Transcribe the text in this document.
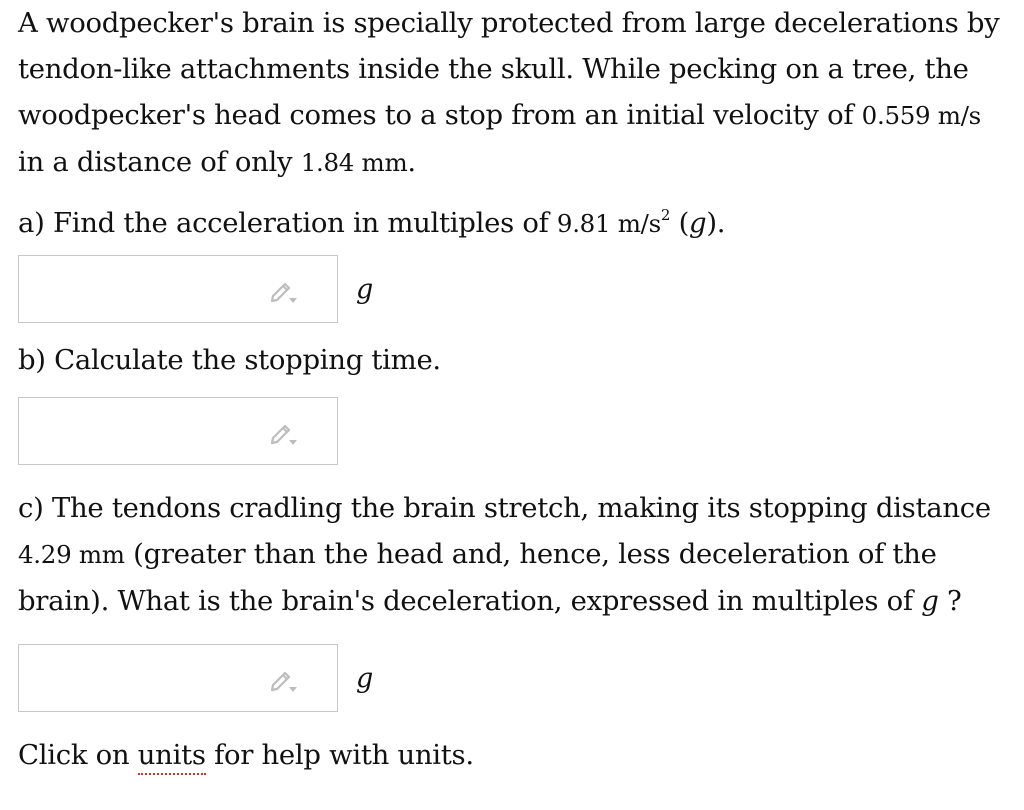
A woodpecker's brain is specially protected from large decelerations by tendon-like attachments inside the skull. While pecking on a tree, the woodpecker's head comes to a stop from an initial velocity of 0.559 m/s in a distance of only 1.84 mm.

a) Find the acceleration in multiples of 9.81 $m/s^2$ (g).

g

b) Calculate the stopping time.

c) The tendons cradling the brain stretch, making its stopping distance 4.29 mm (greater than the head and, hence, less deceleration of the brain). What is the brain's deceleration, expressed in multiples of g ?

g

Click on units for help with units.
